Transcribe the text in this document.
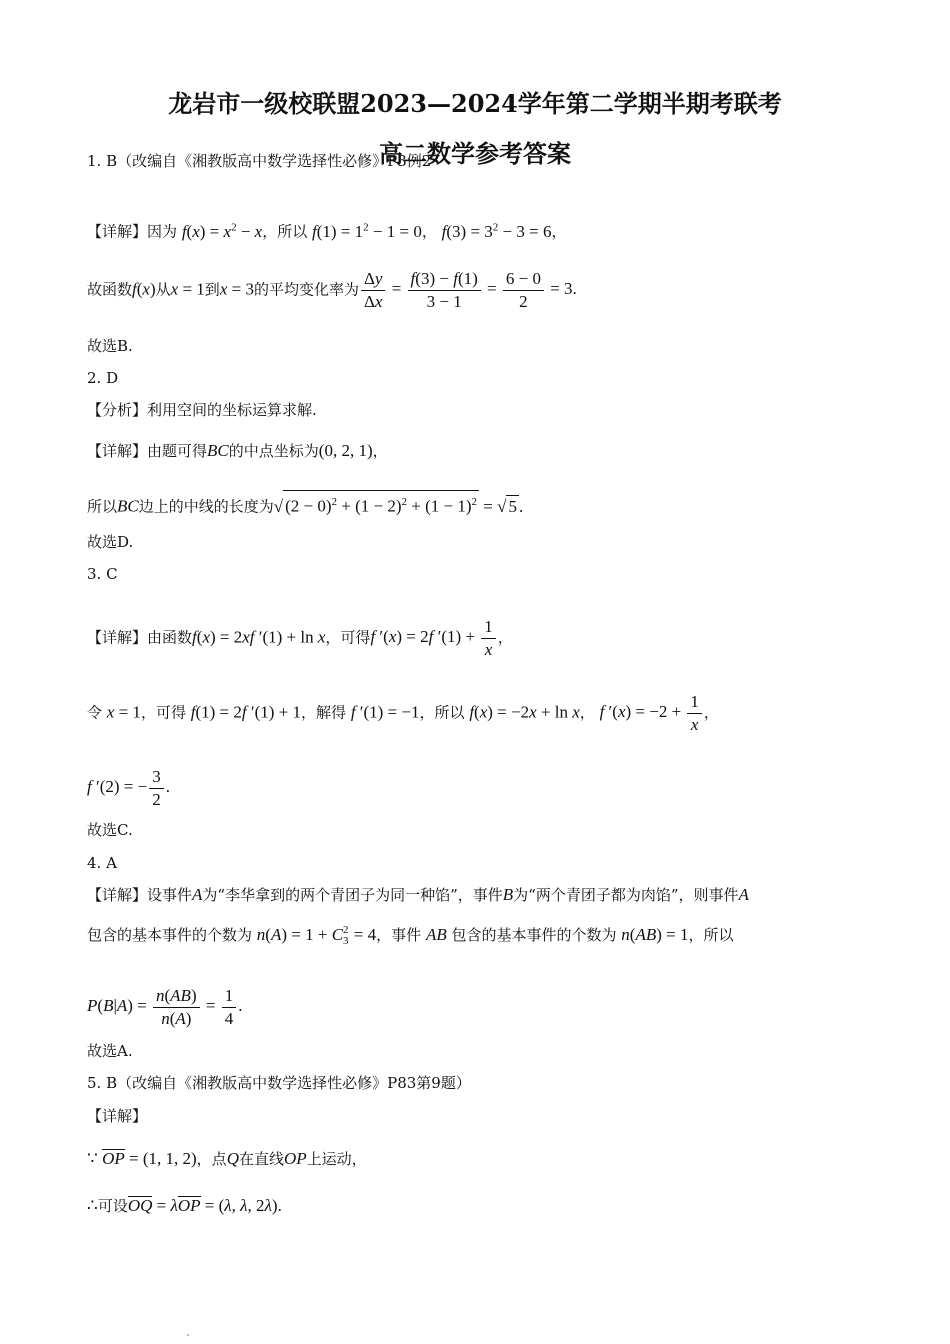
龙岩市一级校联盟2023—2024学年第二学期半期考联考
高二数学参考答案
1. B（改编自《湘教版高中数学选择性必修》P3例2
【详解】因为 $f(x) = x^2 - x$，所以 $f(1) = 1^2 - 1 = 0$， $f(3) = 3^2 - 3 = 6$，
故函数f(x)从x = 1到x = 3的平均变化率为 $\frac{\Delta y}{\Delta x} = \frac{f(3) - f(1)}{3 - 1} = \frac{6 - 0}{2} = 3$.
故选B.
2. D
【分析】利用空间的坐标运算求解.
【详解】由题可得BC的中点坐标为(0, 2, 1)，
所以BC边上的中线的长度为√ $(2 - 0)^2 + (1 - 2)^2 + (1 - 1)^2$ = √ 5 .
故选D.
3. C
【详解】由函数f(x) = 2xf ′(1) + ln x，可得f ′(x) = 2f $'(1) + \frac{1}{x}$ ，
令 x = 1，可得 f(1) = 2f ′(1) + 1，解得 f ′(1) = −1，所以 f(x) = −2x + ln x， f $'(x) = -2 + \frac{1}{x}$ ，
f ′(2) = − $\frac{3}{2}$ .
故选C.
4. A
【详解】设事件A为“李华拿到的两个青团子为同一种馅”，事件B为“两个青团子都为肉馅”，则事件A
包含的基本事件的个数为 n(A) = 1 + C 2
3 = 4，事件 AB 包含的基本事件的个数为 n(AB) = 1，所以
$P(B|A) = \frac{n(AB)}{n(A)} = \frac{1}{4}$ .
故选A.
5. B（改编自《湘教版高中数学选择性必修》P83第9题）
【详解】
∵ OP = (1, 1, 2)，点Q在直线OP上运动，
∴可设OQ = λOP = (λ, λ, 2λ).
